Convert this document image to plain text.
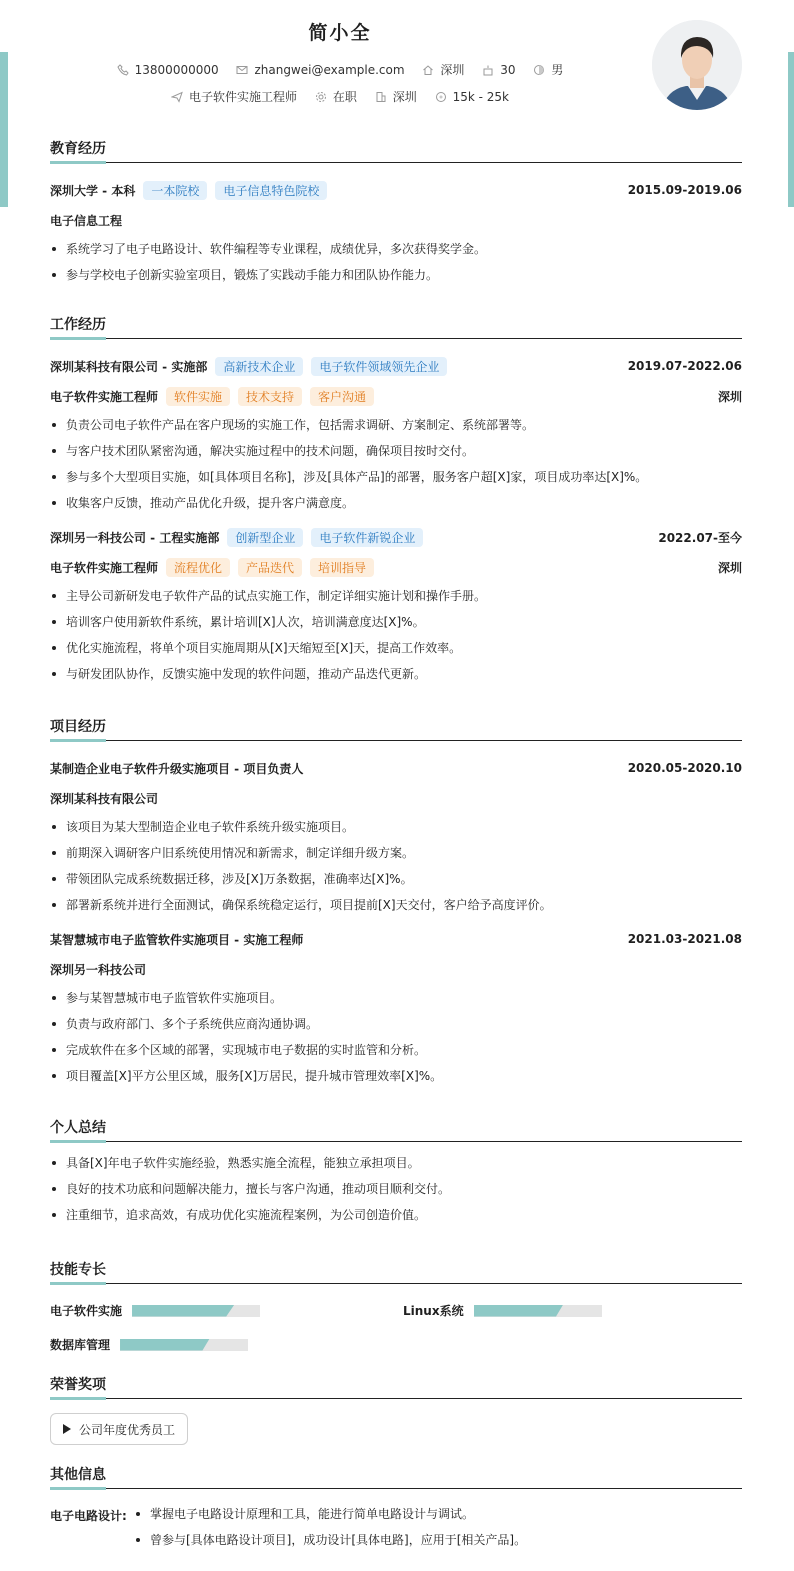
简小全
13800000000
	zhangwei@example.com
	深圳
	30
	男
电子软件实施工程师
	在职
	深圳
	15k - 25k
教育经历
深圳大学 - 本科	一本院校	电子信息特色院校	2015.09-2019.06
电子信息工程
系统学习了电子电路设计、软件编程等专业课程，成绩优异，多次获得奖学金。
参与学校电子创新实验室项目，锻炼了实践动手能力和团队协作能力。
工作经历
深圳某科技有限公司 - 实施部	高新技术企业	电子软件领域领先企业	2019.07-2022.06
电子软件实施工程师	软件实施	技术支持	客户沟通	深圳
负责公司电子软件产品在客户现场的实施工作，包括需求调研、方案制定、系统部署等。
与客户技术团队紧密沟通，解决实施过程中的技术问题，确保项目按时交付。
参与多个大型项目实施，如[具体项目名称]，涉及[具体产品]的部署，服务客户超[X]家，项目成功率达[X]%。
收集客户反馈，推动产品优化升级，提升客户满意度。
深圳另一科技公司 - 工程实施部	创新型企业	电子软件新锐企业	2022.07-至今
电子软件实施工程师	流程优化	产品迭代	培训指导	深圳
主导公司新研发电子软件产品的试点实施工作，制定详细实施计划和操作手册。
培训客户使用新软件系统，累计培训[X]人次，培训满意度达[X]%。
优化实施流程，将单个项目实施周期从[X]天缩短至[X]天，提高工作效率。
与研发团队协作，反馈实施中发现的软件问题，推动产品迭代更新。
项目经历
某制造企业电子软件升级实施项目 - 项目负责人	2020.05-2020.10
深圳某科技有限公司
该项目为某大型制造企业电子软件系统升级实施项目。
前期深入调研客户旧系统使用情况和新需求，制定详细升级方案。
带领团队完成系统数据迁移，涉及[X]万条数据，准确率达[X]%。
部署新系统并进行全面测试，确保系统稳定运行，项目提前[X]天交付，客户给予高度评价。
某智慧城市电子监管软件实施项目 - 实施工程师	2021.03-2021.08
深圳另一科技公司
参与某智慧城市电子监管软件实施项目。
负责与政府部门、多个子系统供应商沟通协调。
完成软件在多个区域的部署，实现城市电子数据的实时监管和分析。
项目覆盖[X]平方公里区域，服务[X]万居民，提升城市管理效率[X]%。
个人总结
具备[X]年电子软件实施经验，熟悉实施全流程，能独立承担项目。
良好的技术功底和问题解决能力，擅长与客户沟通，推动项目顺利交付。
注重细节，追求高效，有成功优化实施流程案例，为公司创造价值。
技能专长
电子软件实施	Linux系统
数据库管理
荣誉奖项
公司年度优秀员工
其他信息
电子电路设计:	掌握电子电路设计原理和工具，能进行简单电路设计与调试。
曾参与[具体电路设计项目]，成功设计[具体电路]，应用于[相关产品]。
